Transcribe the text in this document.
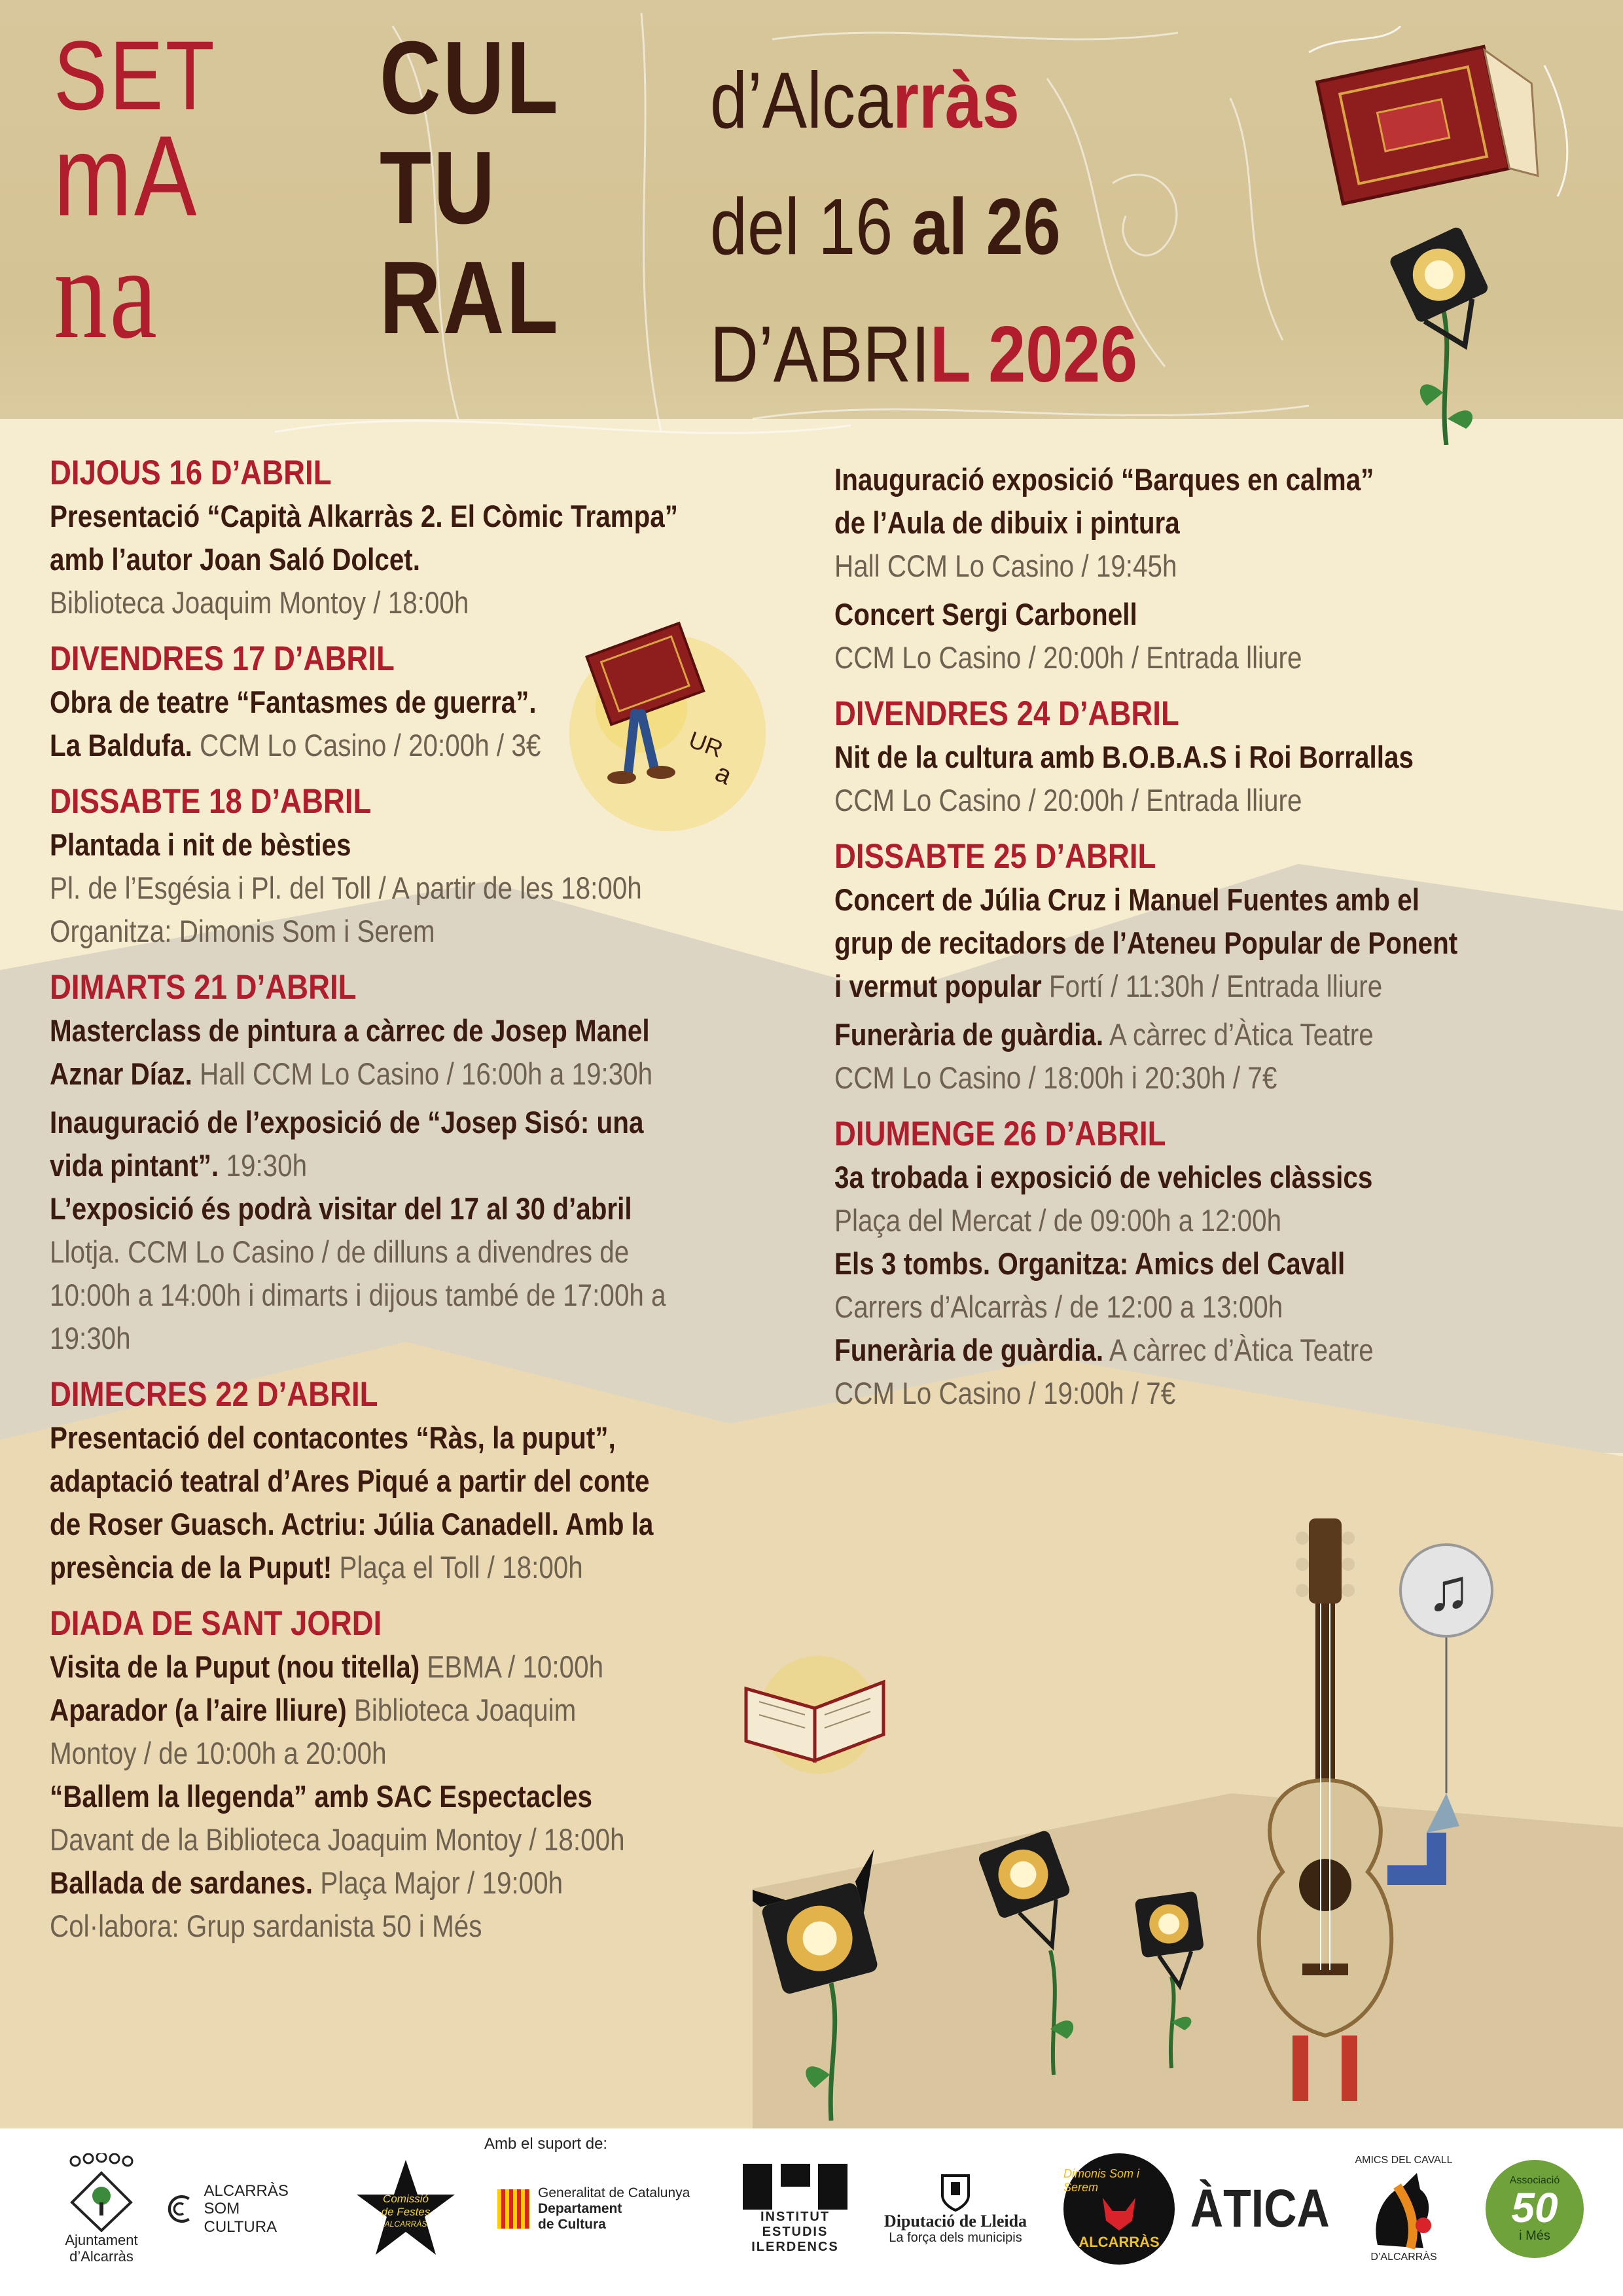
SET
mA
na
CUL
TU
RAL
d’Alcarràs
del 16 al 26
D’ABRIL 2026

DIJOUS 16 D’ABRIL

Presentació “Capità Alkarràs 2. El Còmic Trampa”

amb l’autor Joan Saló Dolcet.

Biblioteca Joaquim Montoy / 18:00h

DIVENDRES 17 D’ABRIL

Obra de teatre “Fantasmes de guerra”.

La Baldufa. CCM Lo Casino / 20:00h / 3€

DISSABTE 18 D’ABRIL

Plantada i nit de bèsties

Pl. de l’Esgésia i Pl. del Toll / A partir de les 18:00h

Organitza: Dimonis Som i Serem

DIMARTS 21 D’ABRIL

Masterclass de pintura a càrrec de Josep Manel

Aznar Díaz. Hall CCM Lo Casino / 16:00h a 19:30h

Inauguració de l’exposició de “Josep Sisó: una

vida pintant”. 19:30h

L’exposició és podrà visitar del 17 al 30 d’abril

Llotja. CCM Lo Casino / de dilluns a divendres de

10:00h a 14:00h i dimarts i dijous també de 17:00h a

19:30h

DIMECRES 22 D’ABRIL

Presentació del contacontes “Ràs, la puput”,

adaptació teatral d’Ares Piqué a partir del conte

de Roser Guasch. Actriu: Júlia Canadell. Amb la

presència de la Puput! Plaça el Toll / 18:00h

DIADA DE SANT JORDI

Visita de la Puput (nou titella) EBMA / 10:00h

Aparador (a l’aire lliure) Biblioteca Joaquim

Montoy / de 10:00h a 20:00h

“Ballem la llegenda” amb SAC Espectacles

Davant de la Biblioteca Joaquim Montoy / 18:00h

Ballada de sardanes. Plaça Major / 19:00h

Col·labora: Grup sardanista 50 i Més

Inauguració exposició “Barques en calma”

de l’Aula de dibuix i pintura

Hall CCM Lo Casino / 19:45h

Concert Sergi Carbonell

CCM Lo Casino / 20:00h / Entrada lliure

DIVENDRES 24 D’ABRIL

Nit de la cultura amb B.O.B.A.S i Roi Borrallas

CCM Lo Casino / 20:00h / Entrada lliure

DISSABTE 25 D’ABRIL

Concert de Júlia Cruz i Manuel Fuentes amb el

grup de recitadors de l’Ateneu Popular de Ponent

i vermut popular Fortí / 11:30h / Entrada lliure

Funerària de guàrdia. A càrrec d’Àtica Teatre

CCM Lo Casino / 18:00h i 20:30h / 7€

DIUMENGE 26 D’ABRIL

3a trobada i exposició de vehicles clàssics

Plaça del Mercat / de 09:00h a 12:00h

Els 3 tombs. Organitza: Amics del Cavall

Carrers d’Alcarràs / de 12:00 a 13:00h

Funerària de guàrdia. A càrrec d’Àtica Teatre

CCM Lo Casino / 19:00h / 7€

UR
a
♫
Amb el suport de:
Ajuntament d’Alcarràs
ALCARRÀS
SOM CULTURA
Comissió
de Festes
ALCARRÀS
Generalitat de Catalunya
Departament
de Cultura
INSTITUT
ESTUDIS
ILERDENCS
Diputació de Lleida
La força dels municipis
Dimonis Som i Serem
ALCARRÀS
ÀTICA
AMICS DEL CAVALL
D’ALCARRÀS
Associació
50
i Més
